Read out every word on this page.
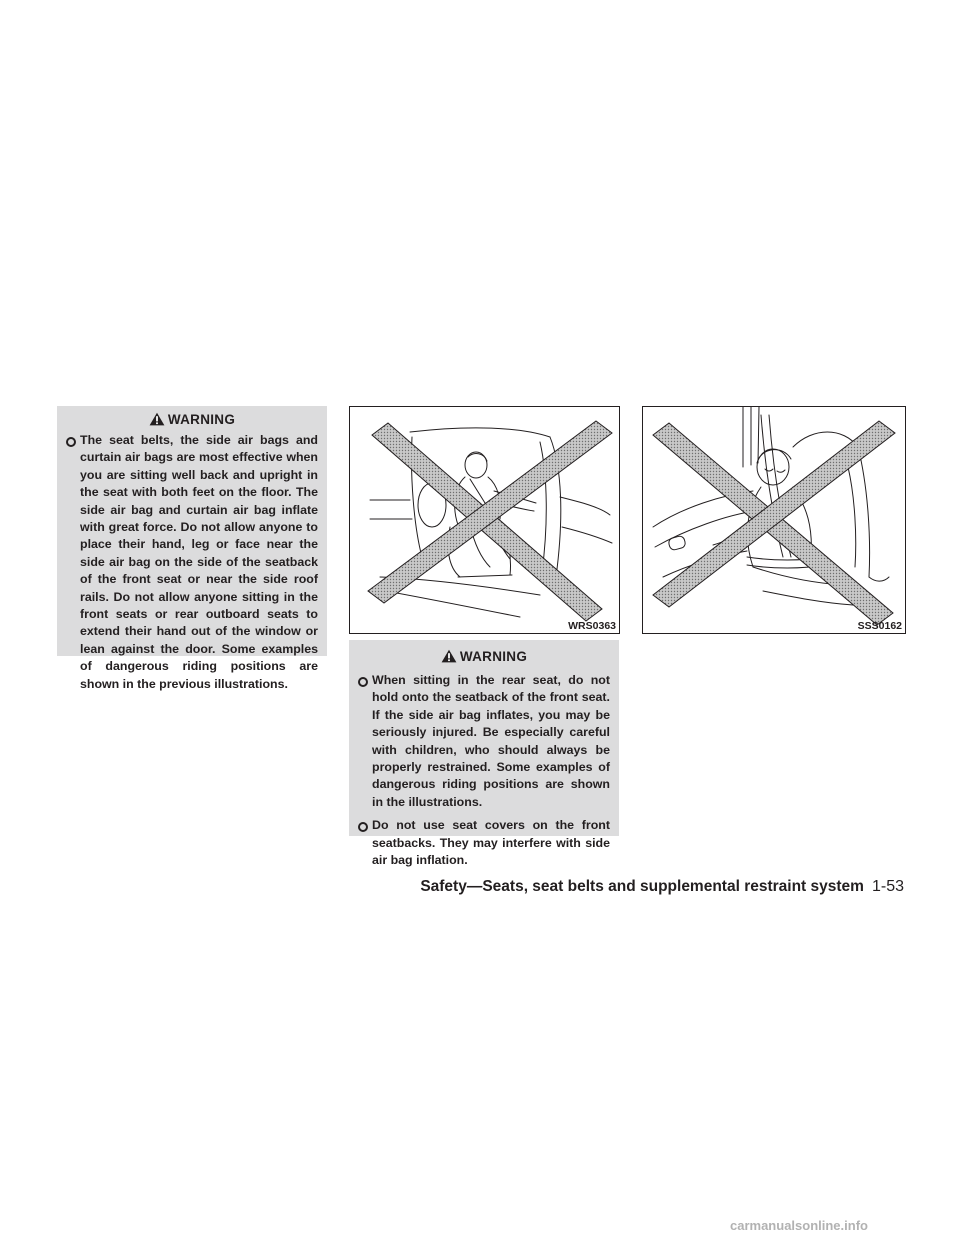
WARNING
The seat belts, the side air bags and curtain air bags are most effective when you are sitting well back and upright in the seat with both feet on the floor. The side air bag and curtain air bag inflate with great force. Do not allow anyone to place their hand, leg or face near the side air bag on the side of the seatback of the front seat or near the side roof rails. Do not allow anyone sitting in the front seats or rear outboard seats to extend their hand out of the window or lean against the door. Some examples of dangerous riding positions are shown in the previous illustrations.
WRS0363	SSS0162
WARNING
When sitting in the rear seat, do not hold onto the seatback of the front seat. If the side air bag inflates, you may be seriously injured. Be especially careful with children, who should always be properly restrained. Some examples of dangerous riding positions are shown in the illustrations.
Do not use seat covers on the front seatbacks. They may interfere with side air bag inflation.
Safety—Seats, seat belts and supplemental restraint system 1-53
carmanualsonline.info
